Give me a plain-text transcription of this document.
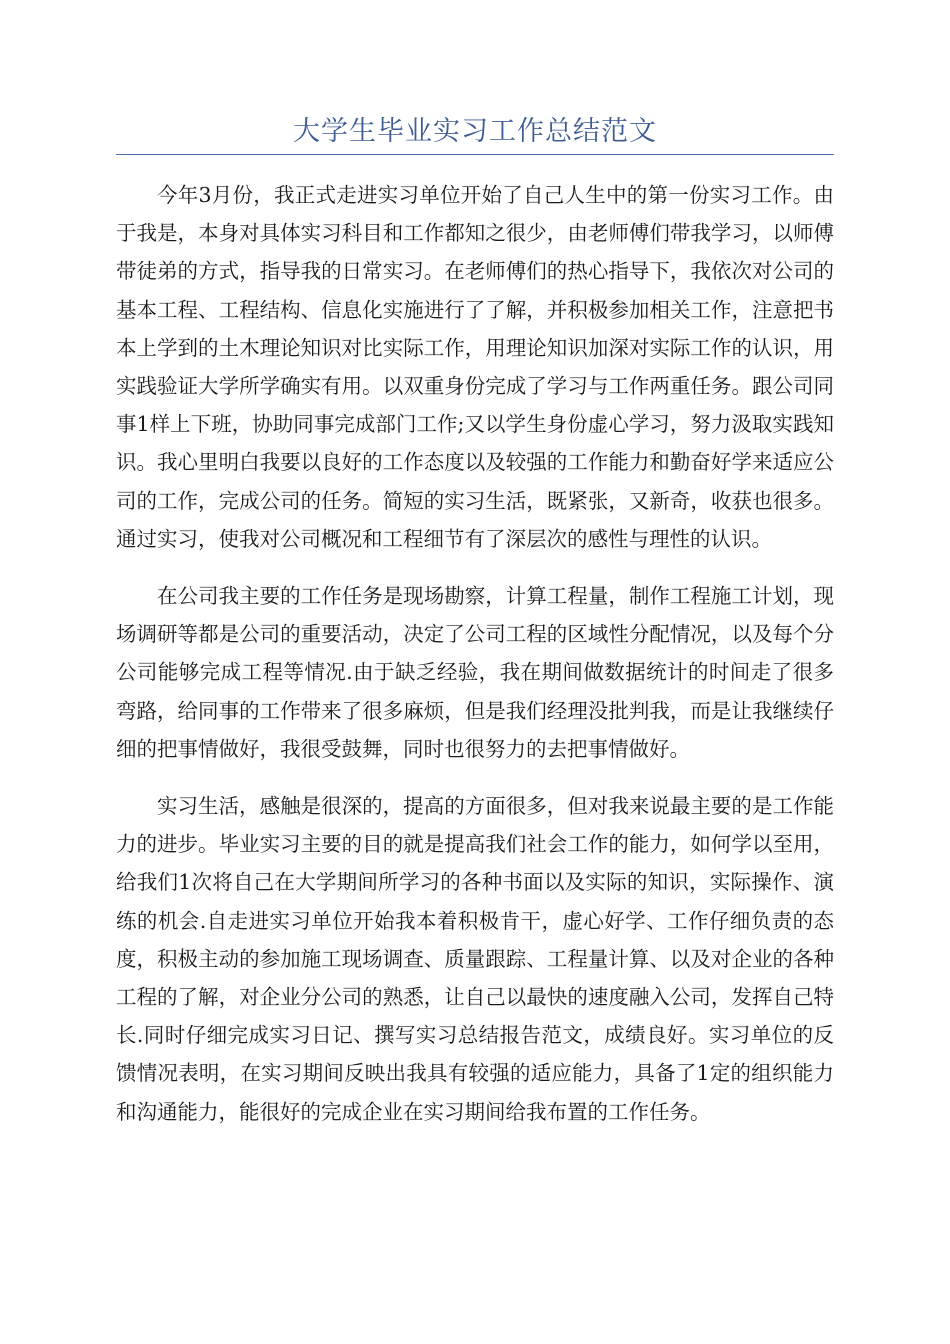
大学生毕业实习工作总结范文

今年3月份，我正式走进实习单位开始了自己人生中的第一份实习工作。由于我是，本身对具体实习科目和工作都知之很少，由老师傅们带我学习，以师傅带徒弟的方式，指导我的日常实习。在老师傅们的热心指导下，我依次对公司的基本工程、工程结构、信息化实施进行了了解，并积极参加相关工作，注意把书本上学到的土木理论知识对比实际工作，用理论知识加深对实际工作的认识，用实践验证大学所学确实有用。以双重身份完成了学习与工作两重任务。跟公司同事1样上下班，协助同事完成部门工作;又以学生身份虚心学习，努力汲取实践知识。我心里明白我要以良好的工作态度以及较强的工作能力和勤奋好学来适应公司的工作，完成公司的任务。简短的实习生活，既紧张，又新奇，收获也很多。通过实习，使我对公司概况和工程细节有了深层次的感性与理性的认识。

在公司我主要的工作任务是现场勘察，计算工程量，制作工程施工计划，现场调研等都是公司的重要活动，决定了公司工程的区域性分配情况，以及每个分公司能够完成工程等情况.由于缺乏经验，我在期间做数据统计的时间走了很多弯路，给同事的工作带来了很多麻烦，但是我们经理没批判我，而是让我继续仔细的把事情做好，我很受鼓舞，同时也很努力的去把事情做好。

实习生活，感触是很深的，提高的方面很多，但对我来说最主要的是工作能力的进步。毕业实习主要的目的就是提高我们社会工作的能力，如何学以至用，给我们1次将自己在大学期间所学习的各种书面以及实际的知识，实际操作、演练的机会.自走进实习单位开始我本着积极肯干，虚心好学、工作仔细负责的态度，积极主动的参加施工现场调查、质量跟踪、工程量计算、以及对企业的各种工程的了解，对企业分公司的熟悉，让自己以最快的速度融入公司，发挥自己特长.同时仔细完成实习日记、撰写实习总结报告范文，成绩良好。实习单位的反馈情况表明，在实习期间反映出我具有较强的适应能力，具备了1定的组织能力和沟通能力，能很好的完成企业在实习期间给我布置的工作任务。
